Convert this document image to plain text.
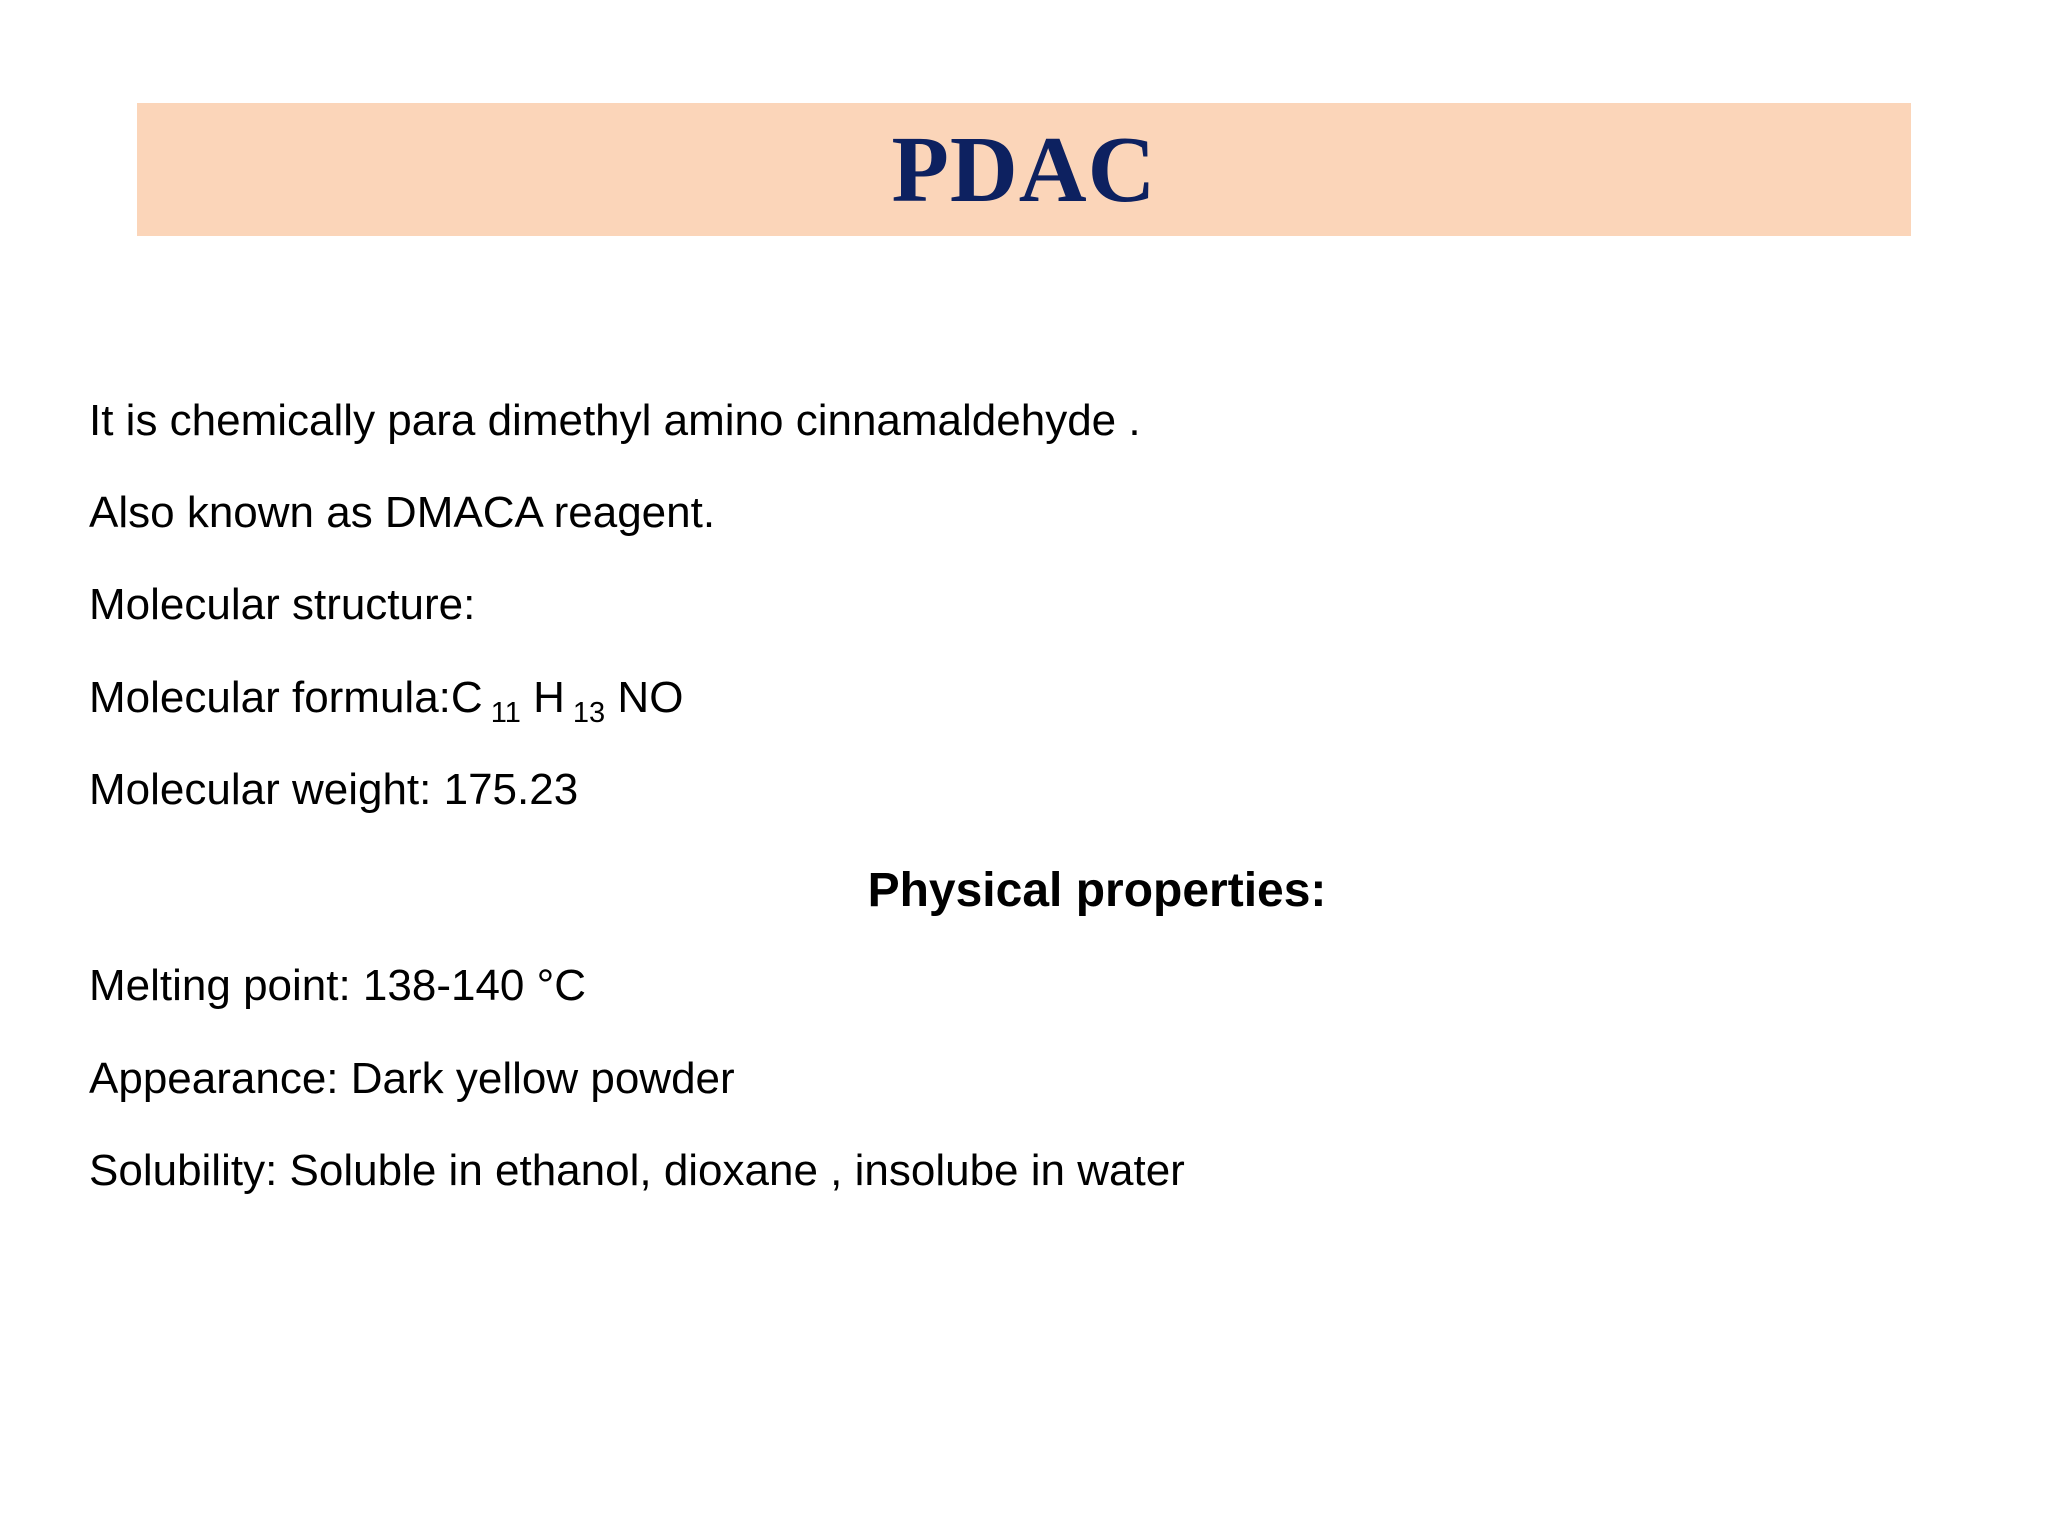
PDAC
It is chemically para dimethyl amino cinnamaldehyde .
Also known as DMACA reagent.
Molecular structure:
Molecular formula:C $_{11}$ H $_{13}$ NO
Molecular weight: 175.23
Physical properties:
Melting point: 138-140 °C
Appearance: Dark yellow powder
Solubility: Soluble in ethanol, dioxane , insolube in water
